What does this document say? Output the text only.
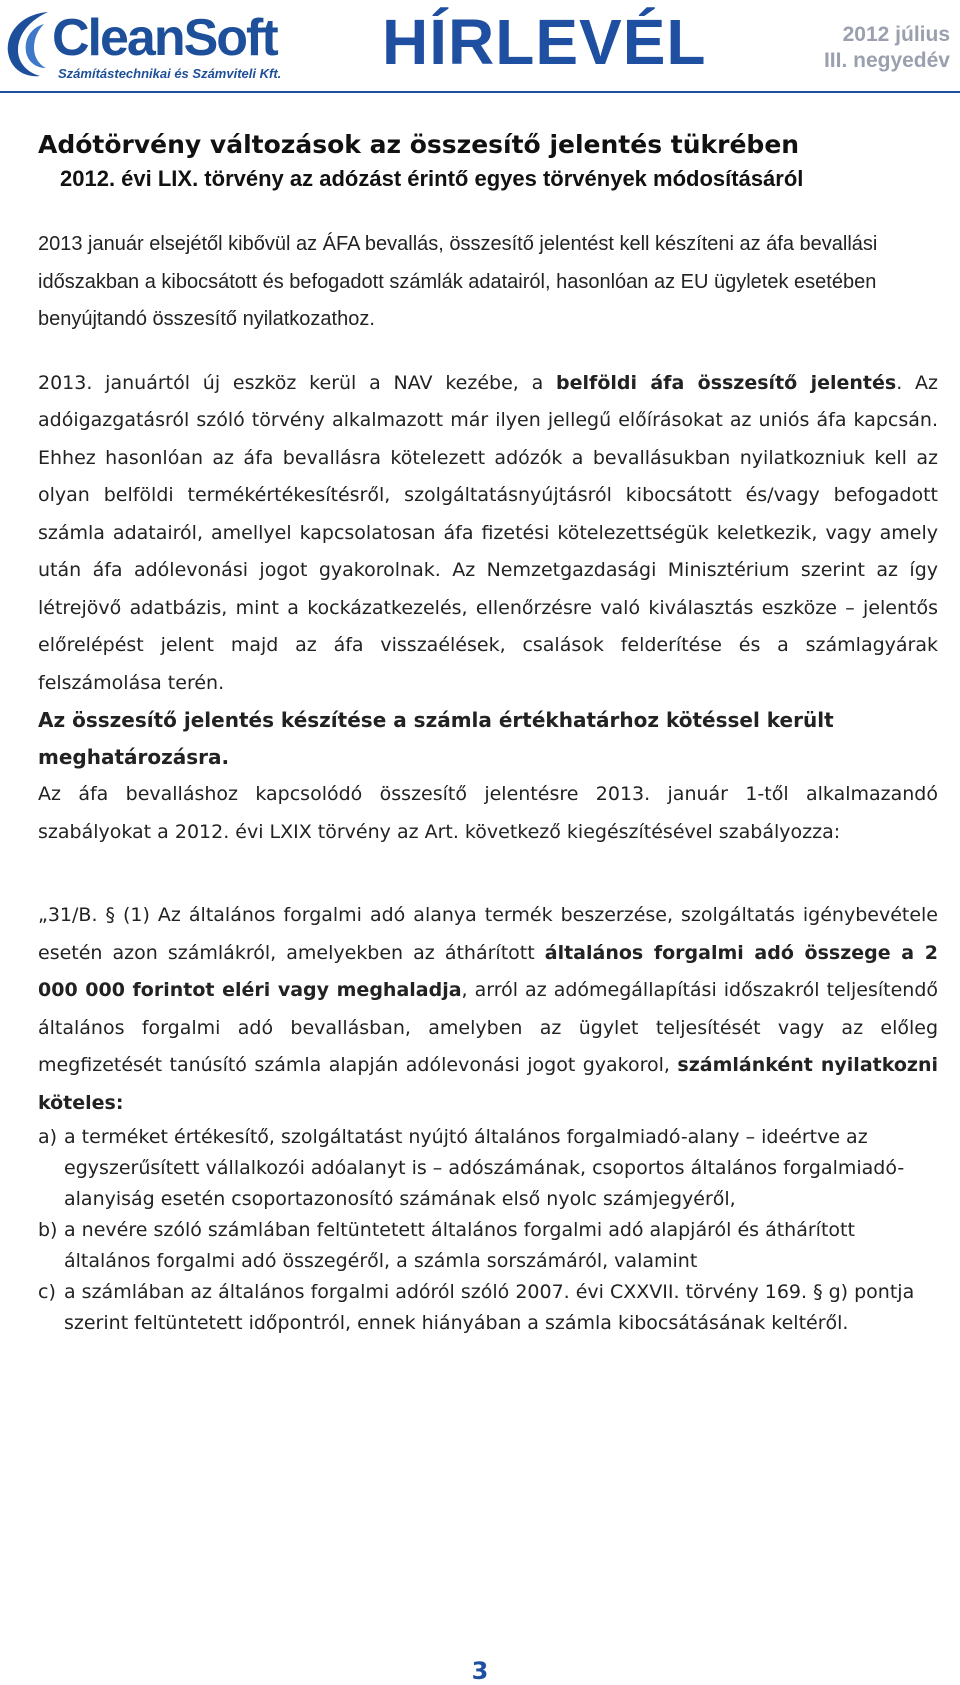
CleanSoft
Számítástechnikai és Számviteli Kft. HÍRLEVÉL	2012 július
III. negyedév
Adótörvény változások az összesítő jelentés tükrében
2012. évi LIX. törvény az adózást érintő egyes törvények módosításáról

2013 január elsejétől kibővül az ÁFA bevallás, összesítő jelentést kell készíteni az áfa bevallási időszakban a kibocsátott és befogadott számlák adatairól, hasonlóan az EU ügyletek esetében benyújtandó összesítő nyilatkozathoz.

2013. januártól új eszköz kerül a NAV kezébe, a belföldi áfa összesítő jelentés. Az adóigazgatásról szóló törvény alkalmazott már ilyen jellegű előírásokat az uniós áfa kapcsán. Ehhez hasonlóan az áfa bevallásra kötelezett adózók a bevallásukban nyilatkozniuk kell az olyan belföldi termékértékesítésről, szolgáltatásnyújtásról kibocsátott és/vagy befogadott számla adatairól, amellyel kapcsolatosan áfa fizetési kötelezettségük keletkezik, vagy amely után áfa adólevonási jogot gyakorolnak. Az Nemzetgazdasági Minisztérium szerint az így létrejövő adatbázis, mint a kockázatkezelés, ellenőrzésre való kiválasztás eszköze – jelentős előrelépést jelent majd az áfa visszaélések, csalások felderítése és a számlagyárak felszámolása terén.

Az összesítő jelentés készítése a számla értékhatárhoz kötéssel került meghatározásra.

Az áfa bevalláshoz kapcsolódó összesítő jelentésre 2013. január 1-től alkalmazandó szabályokat a 2012. évi LXIX törvény az Art. következő kiegészítésével szabályozza:

„31/B. § (1) Az általános forgalmi adó alanya termék beszerzése, szolgáltatás igénybevétele esetén azon számlákról, amelyekben az áthárított általános forgalmi adó összege a 2 000 000 forintot eléri vagy meghaladja, arról az adómegállapítási időszakról teljesítendő általános forgalmi adó bevallásban, amelyben az ügylet teljesítését vagy az előleg megfizetését tanúsító számla alapján adólevonási jogot gyakorol, számlánként nyilatkozni köteles:

a) a terméket értékesítő, szolgáltatást nyújtó általános forgalmiadó-alany – ideértve az egyszerűsített vállalkozói adóalanyt is – adószámának, csoportos általános forgalmiadó-alanyiság esetén csoportazonosító számának első nyolc számjegyéről,
b) a nevére szóló számlában feltüntetett általános forgalmi adó alapjáról és áthárított általános forgalmi adó összegéről, a számla sorszámáról, valamint
c) a számlában az általános forgalmi adóról szóló 2007. évi CXXVII. törvény 169. § g) pontja szerint feltüntetett időpontról, ennek hiányában a számla kibocsátásának keltéről.
3
